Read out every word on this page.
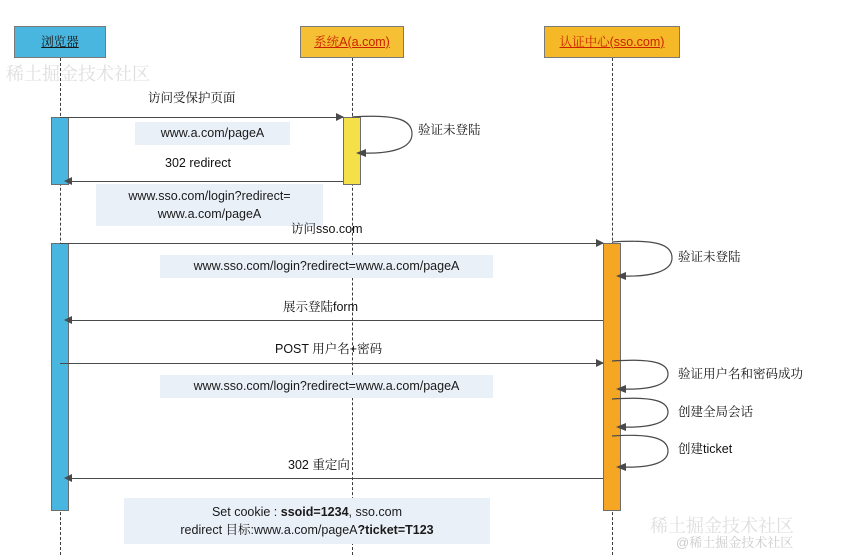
稀土掘金技术社区
稀土掘金技术社区
浏览器	系统A(a.com)	认证中心(sso.com)
访问受保护页面
www.a.com/pageA	验证未登陆
302 redirect
www.sso.com/login?redirect=
www.a.com/pageA
访问sso.com
www.sso.com/login?redirect=www.a.com/pageA
验证未登陆
展示登陆form
POST 用户名+密码
www.sso.com/login?redirect=www.a.com/pageA
验证用户名和密码成功
创建全局会话
创建ticket
302 重定向
Set cookie : ssoid=1234, sso.com
redirect 目标:www.a.com/pageA?ticket=T123
@稀土掘金技术社区
